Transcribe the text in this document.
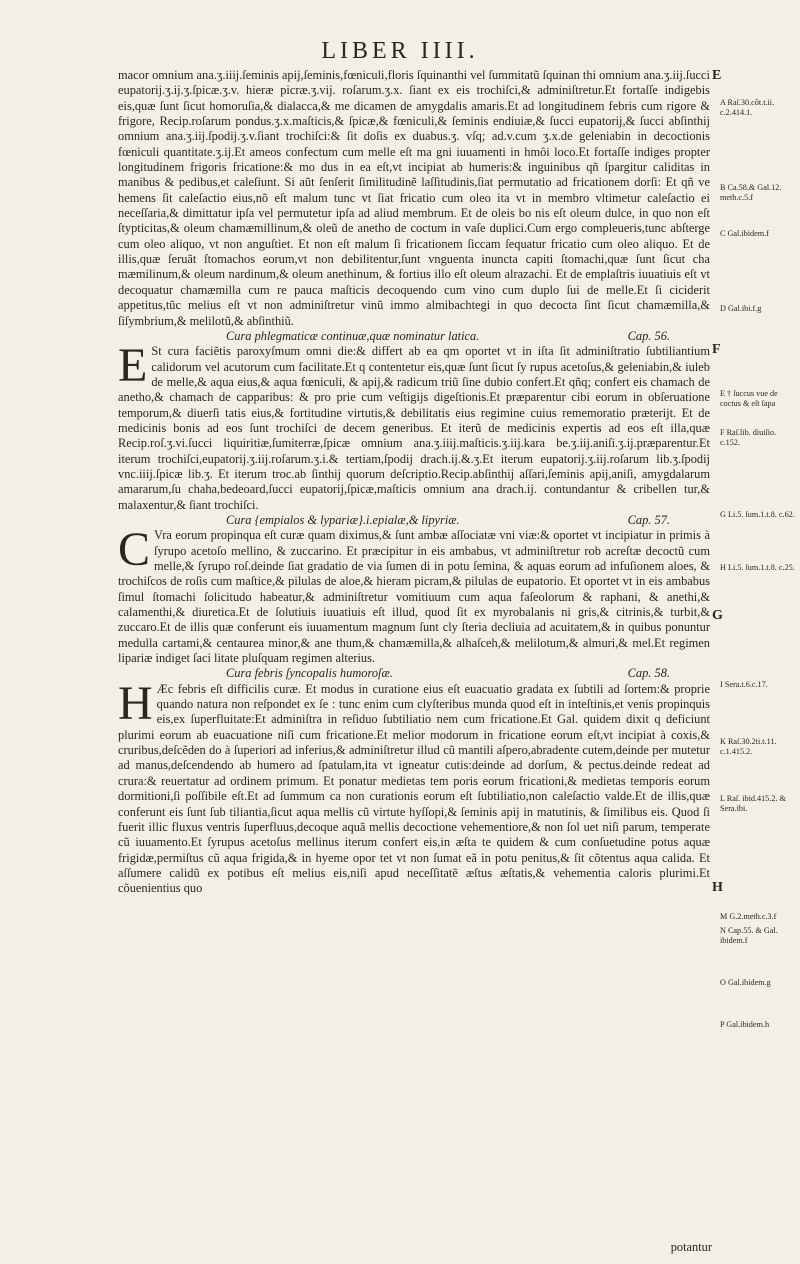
LIBER IIII.

macor omnium ana.ʒ.iiij.ſeminis apij,ſeminis,fœniculi,floris ſquinanthi vel ſummitatũ ſquinan thi omnium ana.ʒ.iij.ſucci eupatorij.ʒ.ij.ʒ.ſpicæ.ʒ.v. hieræ picræ.ʒ.vij. roſarum.ʒ.x. ſiant ex eis trochiſci,& adminiſtretur.Et fortaſſe indigebis eis,quæ ſunt ſicut homoruſia,& dialacca,& me dicamen de amygdalis amaris.Et ad longitudinem febris cum rigore & frigore, Recip.roſarum pondus.ʒ.x.maſticis,& ſpicæ,& fœniculi,& ſeminis endiuiæ,& ſucci eupatorij,& ſucci abſinthij omnium ana.ʒ.iij.ſpodij.ʒ.v.ſiant trochiſci:& ſit doſis ex duabus.ʒ. vſq; ad.v.cum ʒ.x.de geleniabin in decoctionis fœniculi quantitate.ʒ.ij.Et ameos confectum cum melle eſt ma gni iuuamenti in hmôi loco.Et fortaſſe indiges propter longitudinem frigoris fricatione:& mo dus in ea eſt,vt incipiat ab humeris:& inguinibus qñ ſpargitur caliditas in manibus & pedibus,et caleſiunt. Si aũt ſenſerit ſimilitudinẽ laſſitudinis,ſiat permutatio ad fricationem dorſi: Et qñ ve hemens ſit caleſactio eius,nõ eſt malum tunc vt ſiat fricatio cum oleo ita vt in membro vltimetur caleſactio ei neceſſaria,& dimittatur ipſa vel permutetur ipſa ad aliud membrum. Et de oleis bo nis eſt oleum dulce, in quo non eſt ſtypticitas,& oleum chamæmillinum,& oleũ de anetho de coctum in vaſe duplici.Cum ergo compleueris,tunc abſterge cum oleo aliquo, vt non anguſtiet. Et non eſt malum ſi fricationem ſiccam ſequatur fricatio cum oleo aliquo. Et de illis,quæ ſeruãt ſtomachos eorum,vt non debilitentur,ſunt vnguenta inuncta capiti ſtomachi,quæ ſunt ſicut cha mæmilinum,& oleum nardinum,& oleum anethinum, & fortius illo eſt oleum alrazachi. Et de emplaſtris iuuatiuis eſt vt decoquatur chamæmilla cum re pauca maſticis decoquendo cum vino cum duplo ſui de melle.Et ſi ciciderit appetitus,tũc melius eſt vt non adminiſtretur vinũ immo almibachtegi in quo decocta ſint ſicut chamæmilla,& ſiſymbrium,& melilotũ,& abſinthiũ.

Cura phlegmaticæ continuæ,quæ nominatur latica.	Cap. 56.

E St cura faciẽtis paroxyſmum omni die:& differt ab ea qm oportet vt in iſta ſit adminiſtratio ſubtiliantium calidorum vel acutorum cum facilitate.Et q contentetur eis,quæ ſunt ſicut ſy rupus acetoſus,& geleniabin,& iuleb de melle,& aqua eius,& aqua fœniculi, & apij,& radicum triũ ſine dubio confert.Et qñq; confert eis chamach de anetho,& chamach de capparibus: & pro prie cum veſtigijs digeſtionis.Et præparentur cibi eorum in obſeruatione temporum,& diuerſi tatis eius,& fortitudine virtutis,& debilitatis eius regimine cuius rememoratio præterijt. Et de medicinis bonis ad eos ſunt trochiſci de decem generibus. Et iterũ de medicinis expertis ad eos eſt illa,quæ Recip.roſ.ʒ.vi.ſucci liquiritiæ,ſumiterræ,ſpicæ omnium ana.ʒ.iiij.maſticis.ʒ.iij.kara be.ʒ.iij.aniſi.ʒ.ij.præparentur.Et iterum trochiſci,eupatorij.ʒ.iij.roſarum.ʒ.i.& tertiam,ſpodij drach.ij.&.ʒ.Et iterum eupatorij.ʒ.iij.roſarum lib.ʒ.ſpodij vnc.iiij.ſpicæ lib.ʒ. Et iterum troc.ab ſinthij quorum deſcriptio.Recip.abſinthij aſſari,ſeminis apij,aniſi, amygdalarum amararum,ſu chaha,bedeoard,ſucci eupatorij,ſpicæ,maſticis omnium ana drach.ij. contundantur & cribellen tur,& malaxentur,& ſiant trochiſci.

Cura {empialos & lypariæ}.i.epialæ,& lipyriæ.	Cap. 57.

C Vra eorum propinqua eſt curæ quam diximus,& ſunt ambæ aſſociatæ vni viæ:& oportet vt incipiatur in primis à ſyrupo acetoſo mellino, & zuccarino. Et præcipitur in eis ambabus, vt adminiſtretur rob acreſtæ decoctũ cum melle,& ſyrupo roſ.deinde ſiat gradatio de via ſumen di in potu ſemina, & aquas eorum ad infuſionem aloes, & trochiſcos de roſis cum maſtice,& pilulas de aloe,& hieram picram,& pilulas de eupatorio. Et oportet vt in eis ambabus ſimul ſtomachi ſolicitudo habeatur,& adminiſtretur vomitiuum cum aqua faſeolorum & raphani, & anethi,& calamenthi,& diuretica.Et de ſolutiuis iuuatiuis eſt illud, quod ſit ex myrobalanis ni gris,& citrinis,& turbit,& zuccaro.Et de illis quæ conferunt eis iuuamentum magnum ſunt cly ſteria decliuia ad acuitatem,& in quibus ponuntur medulla cartami,& centaurea minor,& ane thum,& chamæmilla,& alhaſceh,& melilotum,& almuri,& mel.Et regimen lipariæ indiget ſaci litate pluſquam regimen alterius.

Cura febris ſyncopalis humoroſæ.	Cap. 58.

H Æc febris eſt difficilis curæ. Et modus in curatione eius eſt euacuatio gradata ex ſubtili ad ſortem:& proprie quando natura non reſpondet ex ſe : tunc enim cum clyſteribus munda quod eſt in inteſtinis,et venis propinquis eis,ex ſuperfluitate:Et adminiſtra in reſiduo ſubtiliatio nem cum fricatione.Et Gal. quidem dixit q deficiunt plurimi eorum ab euacuatione niſi cum fricatione.Et melior modorum in fricatione eorum eſt,vt incipiat à coxis,& cruribus,deſcẽden do à ſuperiori ad inferius,& adminiſtretur illud cũ mantili aſpero,abradente cutem,deinde per mutetur ad manus,deſcendendo ab humero ad ſpatulam,ita vt igneatur cutis:deinde ad dorſum, & pectus.deinde redeat ad crura:& reuertatur ad ordinem primum. Et ponatur medietas tem poris eorum fricationi,& medietas temporis eorum dormitioni,ſi poſſibile eſt.Et ad ſummum ca non curationis eorum eſt ſubtiliatio,non caleſactio valde.Et de illis,quæ conferunt eis ſunt ſub tiliantia,ſicut aqua mellis cũ virtute hyſſopi,& ſeminis apij in matutinis, & ſimilibus eis. Quod ſi fuerit illic fluxus ventris ſuperfluus,decoque aquã mellis decoctione vehementiore,& non ſol uet niſi parum, temperate cũ iuuamento.Et ſyrupus acetoſus mellinus iterum confert eis,in æſta te quidem & cum conſuetudine potus aquæ frigidæ,permiſtus cũ aqua frigida,& in hyeme opor tet vt non ſumat eã in potu penitus,& ſit cõtentus aqua calida. Et aſſumere calidũ ex potibus eſt melius eis,niſi apud neceſſitatẽ æſtus æſtatis,& vehementia caloris plurimi.Et cõuenientius quo

E
F
G
H
A Raſ.30.cõt.t.ii. c.2.414.1.
B Ca.58.& Gal.12. meth.c.5.f
C Gal.ibidem.f
D Gal.ibi.f.g
E † ſuccus vue de coctus & eſt ſapa
F Raſ.lib. diuiſio. c.152.
G Li.5. ſum.1.t.8. c.62.
H Li.5. ſum.1.t.8. c.25.
I Sera.t.6.c.17.
K Raſ.30.2ti.t.11. c.1.415.2.
L Raſ. ibid.415.2. & Sera.ibi.
M G.2.meth.c.3.f
N Cap.55. & Gal. ibidem.f
O Gal.ibidem.g
P Gal.ibidem.h
potantur
